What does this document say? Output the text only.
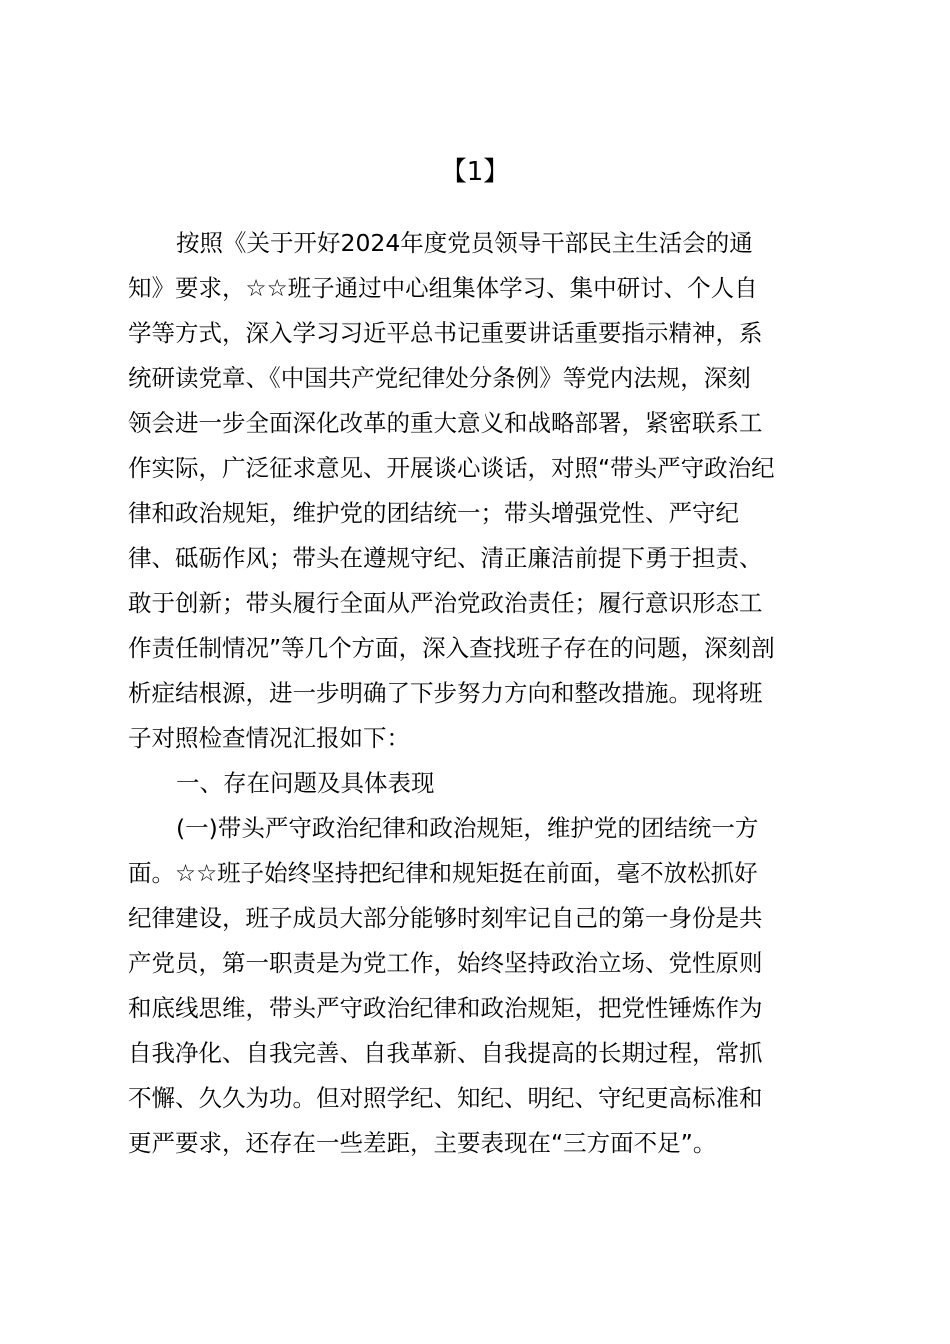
【1】
按照《关于开好2024年度党员领导干部民主生活会的通
知》要求，☆☆班子通过中心组集体学习、集中研讨、个人自
学等方式，深入学习习近平总书记重要讲话重要指示精神，系
统研读党章、《中国共产党纪律处分条例》等党内法规，深刻
领会进一步全面深化改革的重大意义和战略部署，紧密联系工
作实际，广泛征求意见、开展谈心谈话，对照“带头严守政治纪
律和政治规矩，维护党的团结统一；带头增强党性、严守纪
律、砥砺作风；带头在遵规守纪、清正廉洁前提下勇于担责、
敢于创新；带头履行全面从严治党政治责任；履行意识形态工
作责任制情况”等几个方面，深入查找班子存在的问题，深刻剖
析症结根源，进一步明确了下步努力方向和整改措施。现将班
子对照检查情况汇报如下：
一、存在问题及具体表现
(一)带头严守政治纪律和政治规矩，维护党的团结统一方
面。☆☆班子始终坚持把纪律和规矩挺在前面，毫不放松抓好
纪律建设，班子成员大部分能够时刻牢记自己的第一身份是共
产党员，第一职责是为党工作，始终坚持政治立场、党性原则
和底线思维，带头严守政治纪律和政治规矩，把党性锤炼作为
自我净化、自我完善、自我革新、自我提高的长期过程，常抓
不懈、久久为功。但对照学纪、知纪、明纪、守纪更高标准和
更严要求，还存在一些差距，主要表现在“三方面不足”。
